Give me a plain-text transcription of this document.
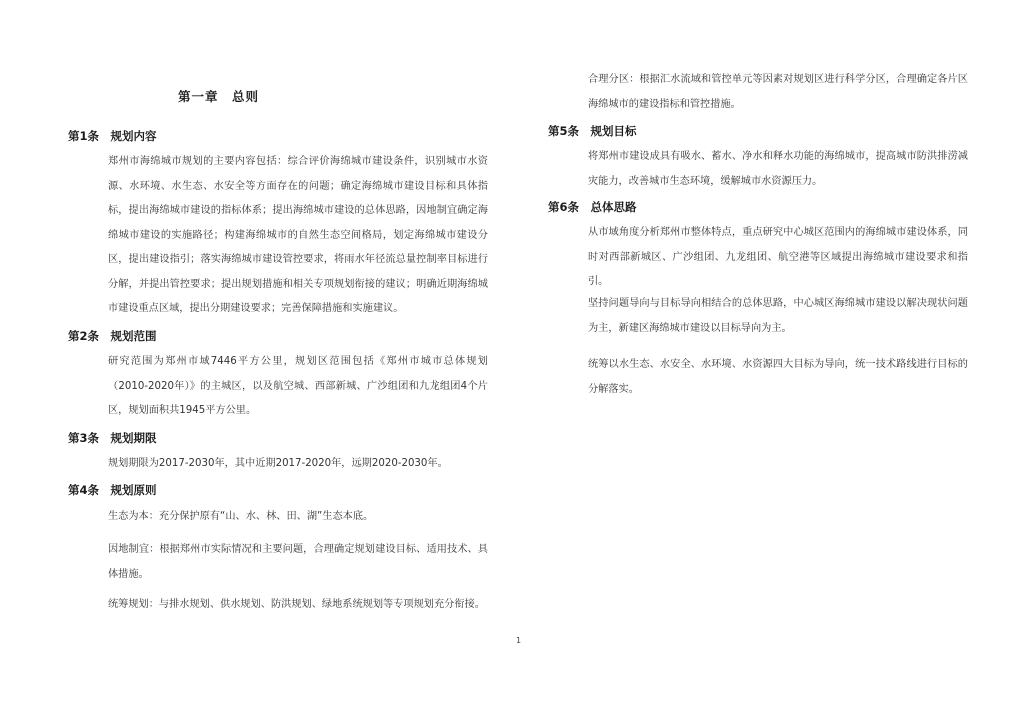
第一章　总则
第1条　规划内容
郑州市海绵城市规划的主要内容包括：综合评价海绵城市建设条件，识别城市水资源、水环境、水生态、水安全等方面存在的问题；确定海绵城市建设目标和具体指标，提出海绵城市建设的指标体系；提出海绵城市建设的总体思路，因地制宜确定海绵城市建设的实施路径；构建海绵城市的自然生态空间格局，划定海绵城市建设分区，提出建设指引；落实海绵城市建设管控要求，将雨水年径流总量控制率目标进行分解，并提出管控要求；提出规划措施和相关专项规划衔接的建议；明确近期海绵城市建设重点区域，提出分期建设要求；完善保障措施和实施建议。
第2条　规划范围
研究范围为郑州市域7446平方公里，规划区范围包括《郑州市城市总体规划（2010-2020年）》的主城区，以及航空城、西部新城、广沙组团和九龙组团4个片区，规划面积共1945平方公里。
第3条　规划期限
规划期限为2017-2030年，其中近期2017-2020年，远期2020-2030年。
第4条　规划原则
生态为本：充分保护原有“山、水、林、田、湖”生态本底。
因地制宜：根据郑州市实际情况和主要问题，合理确定规划建设目标、适用技术、具体措施。
统筹规划：与排水规划、供水规划、防洪规划、绿地系统规划等专项规划充分衔接。
合理分区：根据汇水流域和管控单元等因素对规划区进行科学分区，合理确定各片区海绵城市的建设指标和管控措施。
第5条　规划目标
将郑州市建设成具有吸水、蓄水、净水和释水功能的海绵城市，提高城市防洪排涝减灾能力，改善城市生态环境，缓解城市水资源压力。
第6条　总体思路
从市域角度分析郑州市整体特点，重点研究中心城区范围内的海绵城市建设体系，同时对西部新城区、广沙组团、九龙组团、航空港等区域提出海绵城市建设要求和指引。
坚持问题导向与目标导向相结合的总体思路，中心城区海绵城市建设以解决现状问题为主，新建区海绵城市建设以目标导向为主。
统筹以水生态、水安全、水环境、水资源四大目标为导向，统一技术路线进行目标的分解落实。
1
